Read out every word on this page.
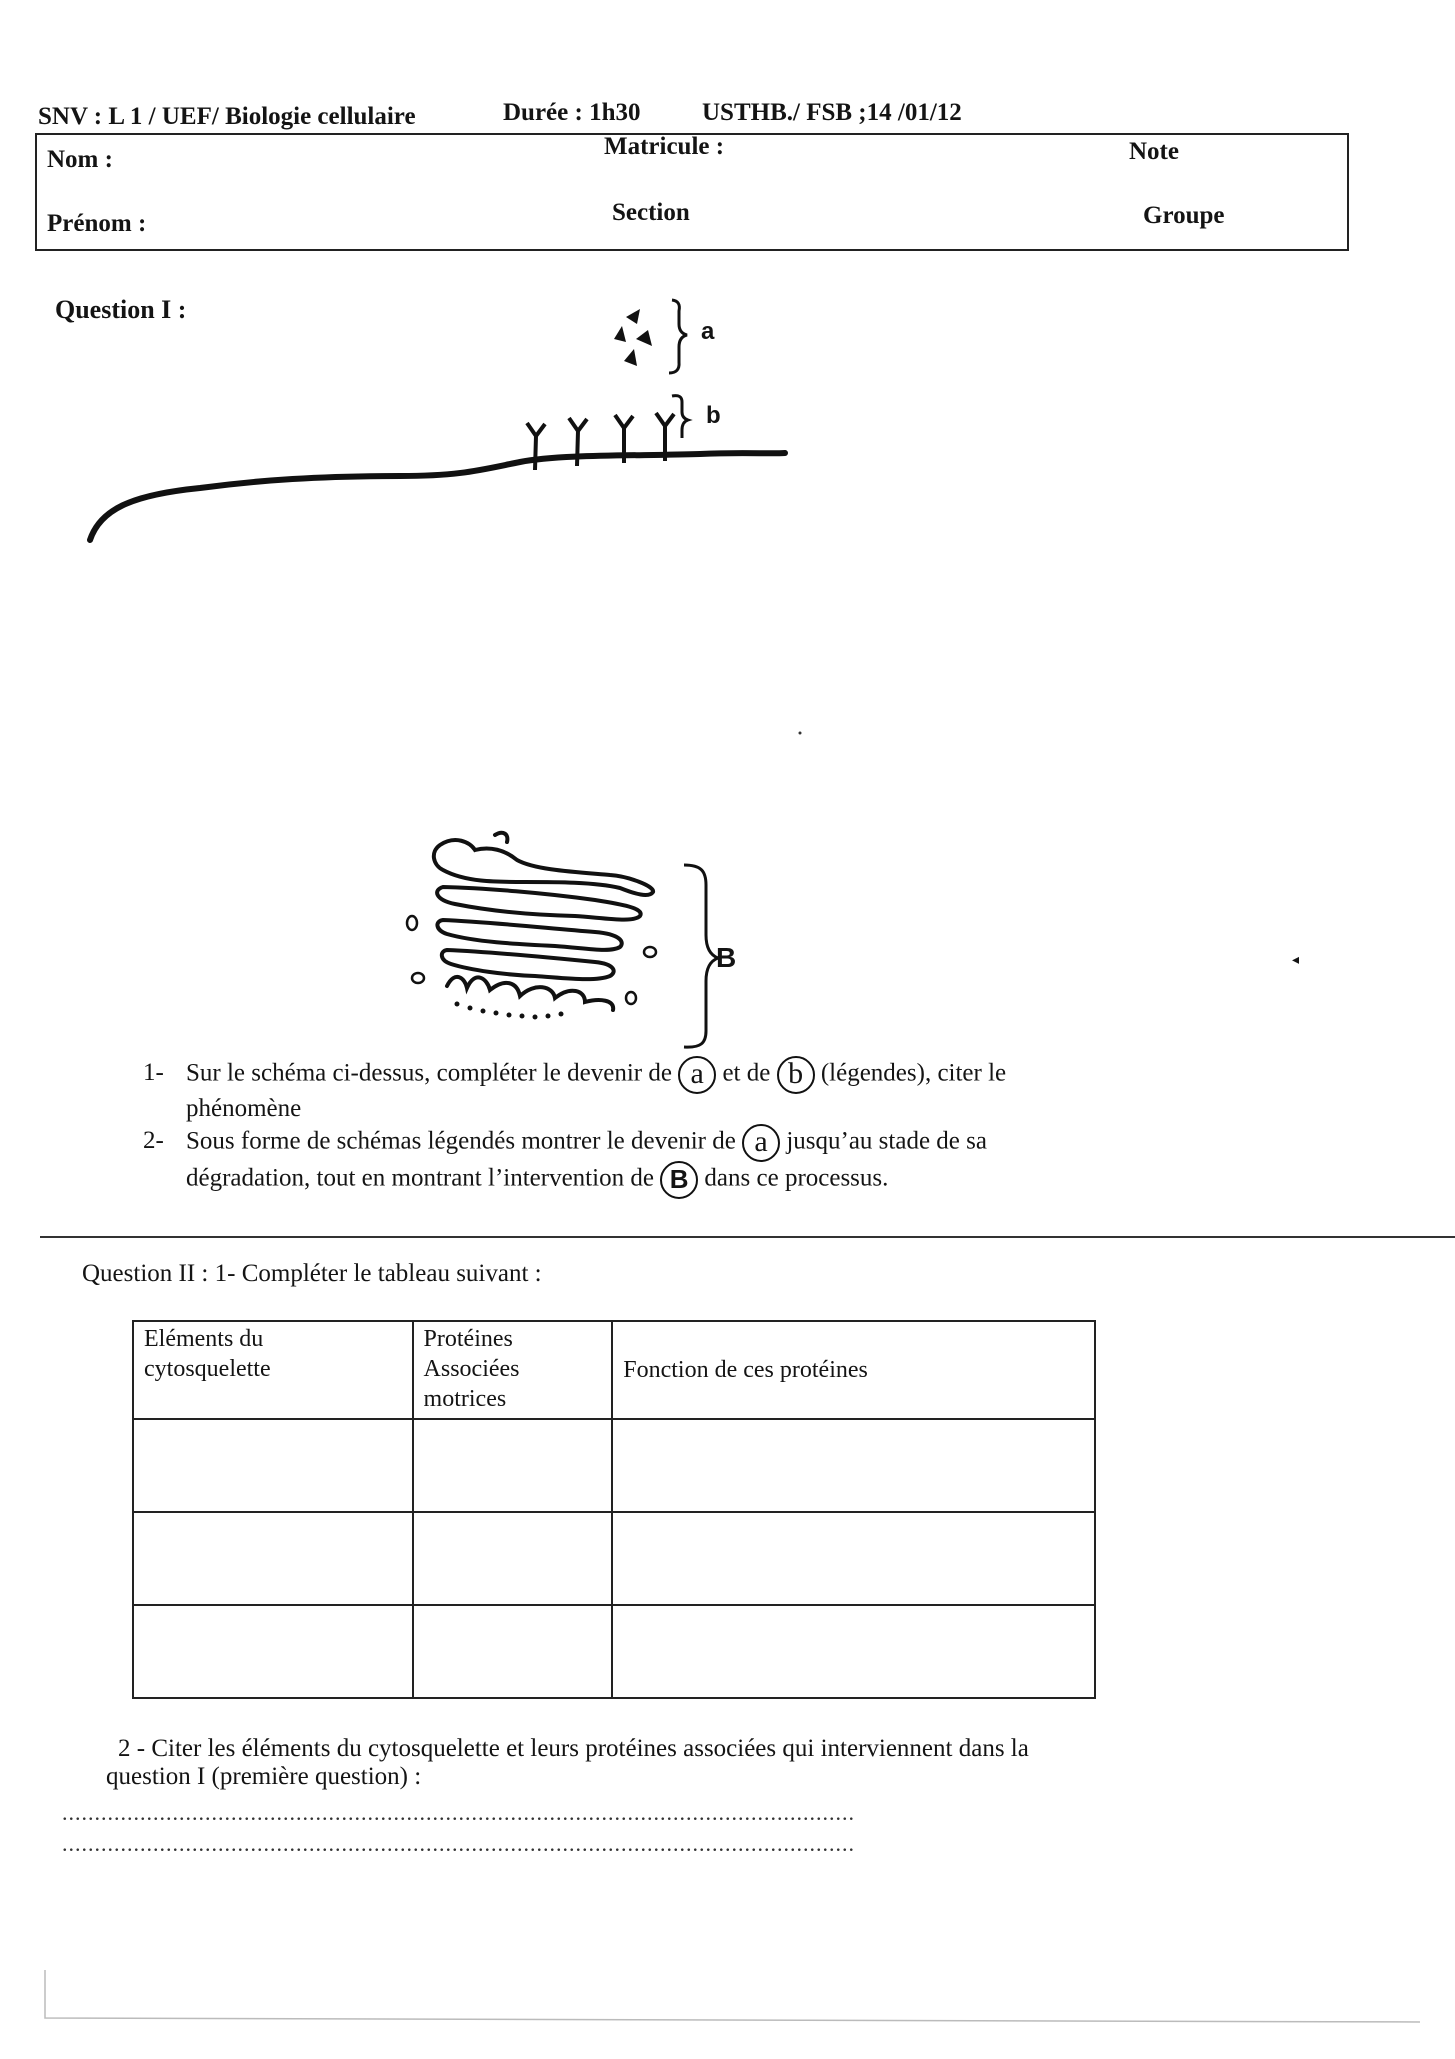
SNV : L 1 / UEF/ Biologie cellulaire	Durée : 1h30 USTHB./ FSB ;14 /01/12
Nom :
Prénom :
Matricule :
Section
Note
Groupe
Question I :
a
b
B	◂
1- Sur le schéma ci-dessus, compléter le devenir de a et de b (légendes), citer le
phénomène
2- Sous forme de schémas légendés montrer le devenir de a jusqu’au stade de sa
dégradation, tout en montrant l’intervention de B dans ce processus.
Question II : 1- Compléter le tableau suivant :
Eléments du
cytosquelette	Protéines
Associées
motrices	Fonction de ces protéines

2 - Citer les éléments du cytosquelette et leurs protéines associées qui interviennent dans la
question I (première question) :
..........................................................................................................................
..........................................................................................................................
